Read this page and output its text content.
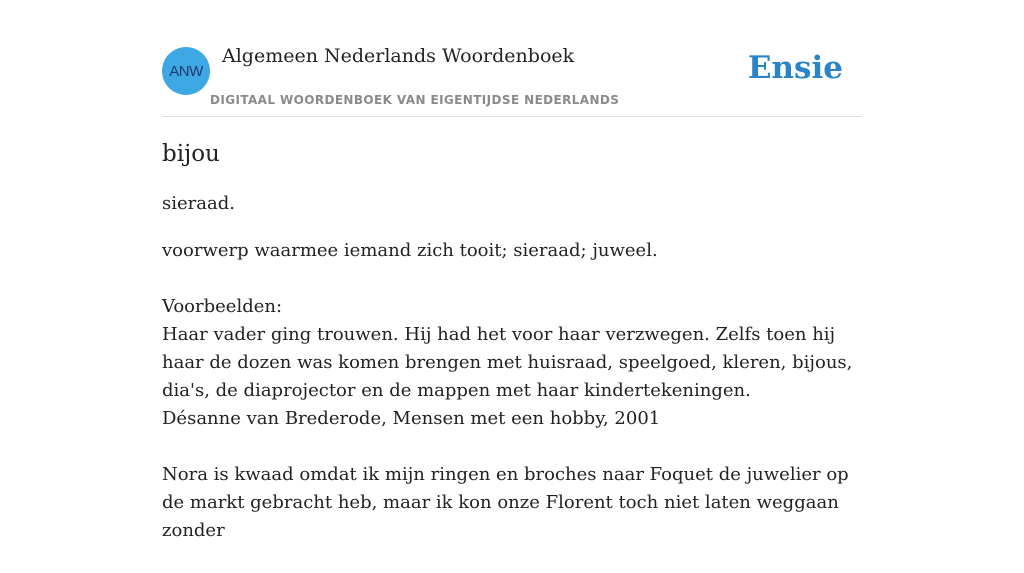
ANW
Algemeen Nederlands Woordenboek
DIGITAAL WOORDENBOEK VAN EIGENTIJDSE NEDERLANDS
Ensie
bijou
sieraad.
voorwerp waarmee iemand zich tooit; sieraad; juweel.
Voorbeelden:
Haar vader ging trouwen. Hij had het voor haar verzwegen. Zelfs toen hij haar de dozen was komen brengen met huisraad, speelgoed, kleren, bijous, dia's, de diaprojector en de mappen met haar kindertekeningen.
Désanne van Brederode, Mensen met een hobby, 2001
Nora is kwaad omdat ik mijn ringen en broches naar Foquet de juwelier op de markt gebracht heb, maar ik kon onze Florent toch niet laten weggaan zonder
